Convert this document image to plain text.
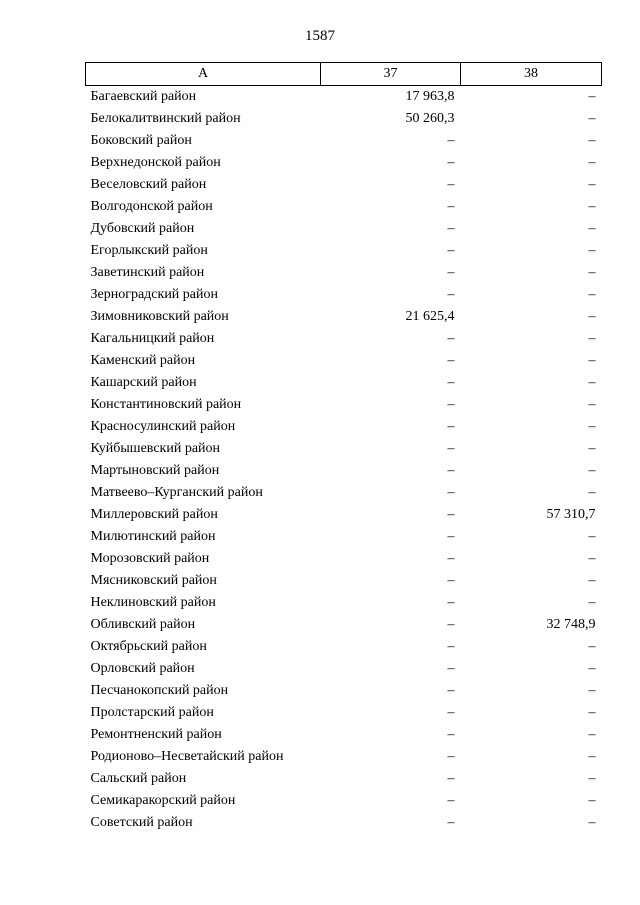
1587
А	37	38
Багаевский район	17 963,8	–
Белокалитвинский район	50 260,3	–
Боковский район	–	–
Верхнедонской район	–	–
Веселовский район	–	–
Волгодонской район	–	–
Дубовский район	–	–
Егорлыкский район	–	–
Заветинский район	–	–
Зерноградский район	–	–
Зимовниковский район	21 625,4	–
Кагальницкий район	–	–
Каменский район	–	–
Кашарский район	–	–
Константиновский район	–	–
Красносулинский район	–	–
Куйбышевский район	–	–
Мартыновский район	–	–
Матвеево–Курганский район	–	–
Миллеровский район	–	57 310,7
Милютинский район	–	–
Морозовский район	–	–
Мясниковский район	–	–
Неклиновский район	–	–
Обливский район	–	32 748,9
Октябрьский район	–	–
Орловский район	–	–
Песчанокопский район	–	–
Пролстарский район	–	–
Ремонтненский район	–	–
Родионово–Несветайский район	–	–
Сальский район	–	–
Семикаракорский район	–	–
Советский район	–	–
